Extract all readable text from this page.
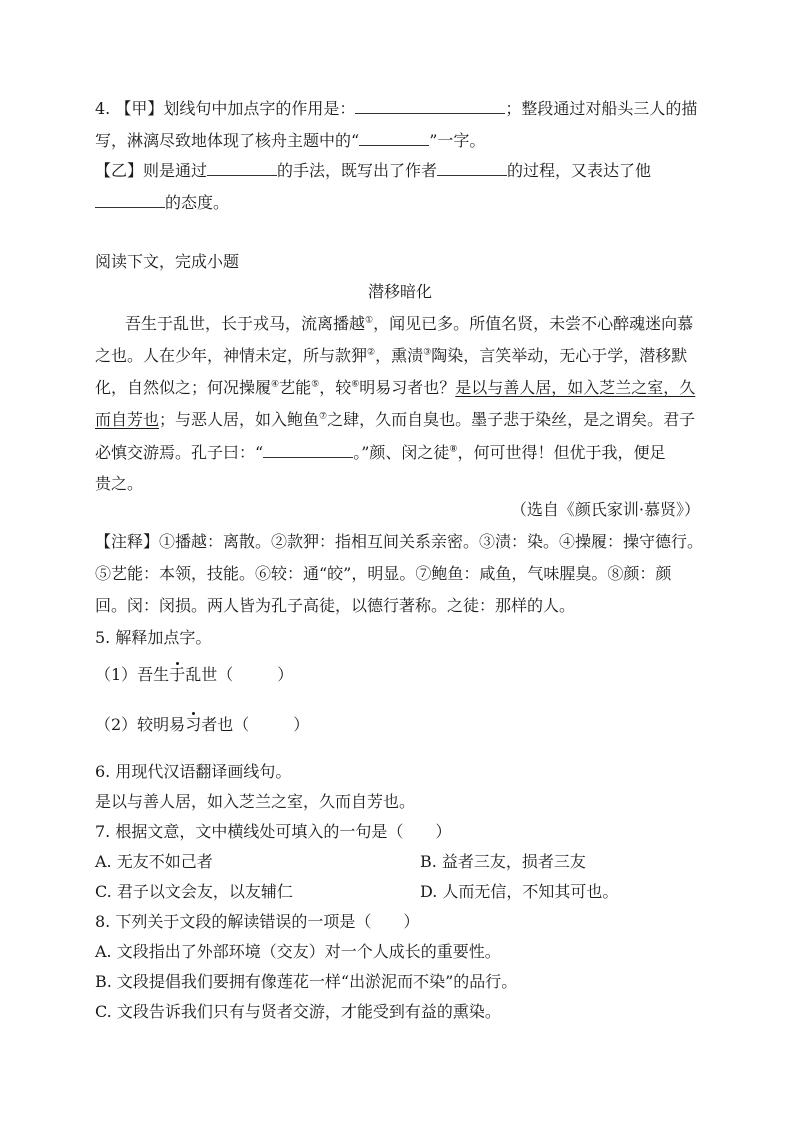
4. 【甲】划线句中加点字的作用是：	；整段通过对船头三人的描
写，淋漓尽致地体现了核舟主题中的“	”一字。
【乙】则是通过	的手法，既写出了作者	的过程，又表达了他
的态度。
阅读下文，完成小题
潜移暗化
吾生于乱世，长于戎马，流离播越①，闻见已多。所值名贤，未尝不心醉魂迷向慕
之也。人在少年，神情未定，所与款狎②，熏渍③陶染，言笑举动，无心于学，潜移默
化，自然似之；何况操履④艺能⑤，较⑥明易习者也？是以与善人居，如入芝兰之室，久
而自芳也；与恶人居，如入鲍鱼⑦之肆，久而自臭也。墨子悲于染丝，是之谓矣。君子
必慎交游焉。孔子曰：“	。”颜、闵之徒⑧，何可世得！但优于我，便足
贵之。
（选自《颜氏家训·慕贤》）
【注释】①播越：离散。②款狎：指相互间关系亲密。③渍：染。④操履：操守德行。
⑤艺能：本领，技能。⑥较：通“皎”，明显。⑦鲍鱼：咸鱼，气味腥臭。⑧颜：颜
回。闵：闵损。两人皆为孔子高徒，以德行著称。之徒：那样的人。
5. 解释加点字。
（1）吾生于乱世（	）
（2）较明易习者也（	）
6. 用现代汉语翻译画线句。
是以与善人居，如入芝兰之室，久而自芳也。
7. 根据文意，文中横线处可填入的一句是（　　）
A. 无友不如己者	B. 益者三友，损者三友
C. 君子以文会友，以友辅仁	D. 人而无信，不知其可也。
8. 下列关于文段的解读错误的一项是（　　）
A. 文段指出了外部环境（交友）对一个人成长的重要性。
B. 文段提倡我们要拥有像莲花一样“出淤泥而不染”的品行。
C. 文段告诉我们只有与贤者交游，才能受到有益的熏染。
